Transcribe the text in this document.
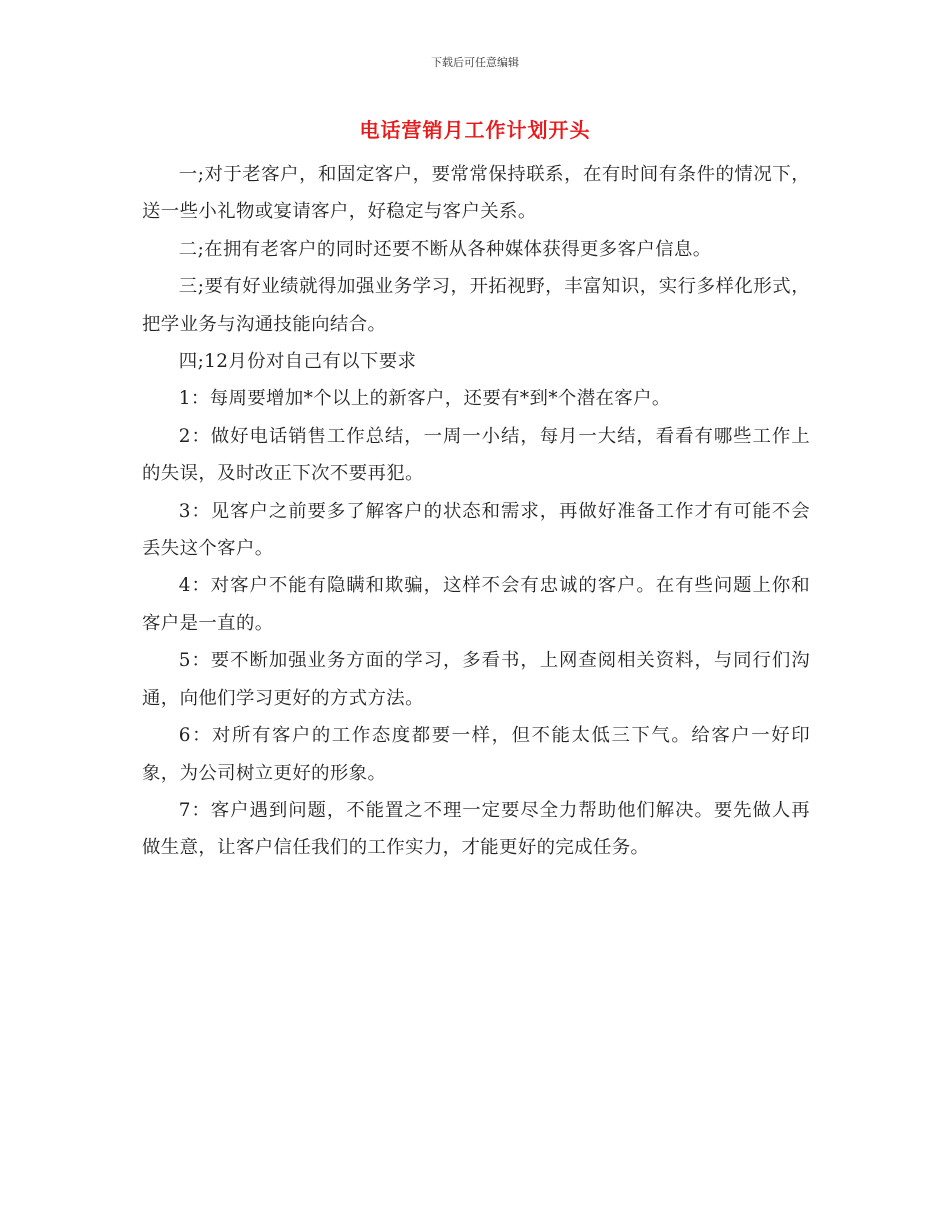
下载后可任意编辑
电话营销月工作计划开头

一;对于老客户，和固定客户，要常常保持联系，在有时间有条件的情况下，送一些小礼物或宴请客户，好稳定与客户关系。

二;在拥有老客户的同时还要不断从各种媒体获得更多客户信息。

三;要有好业绩就得加强业务学习，开拓视野，丰富知识，实行多样化形式，把学业务与沟通技能向结合。

四;12月份对自己有以下要求

1：每周要增加*个以上的新客户，还要有*到*个潜在客户。

2：做好电话销售工作总结，一周一小结，每月一大结，看看有哪些工作上的失误，及时改正下次不要再犯。

3：见客户之前要多了解客户的状态和需求，再做好准备工作才有可能不会丢失这个客户。

4：对客户不能有隐瞒和欺骗，这样不会有忠诚的客户。在有些问题上你和客户是一直的。

5：要不断加强业务方面的学习，多看书，上网查阅相关资料，与同行们沟通，向他们学习更好的方式方法。

6：对所有客户的工作态度都要一样，但不能太低三下气。给客户一好印象，为公司树立更好的形象。

7：客户遇到问题，不能置之不理一定要尽全力帮助他们解决。要先做人再做生意，让客户信任我们的工作实力，才能更好的完成任务。
